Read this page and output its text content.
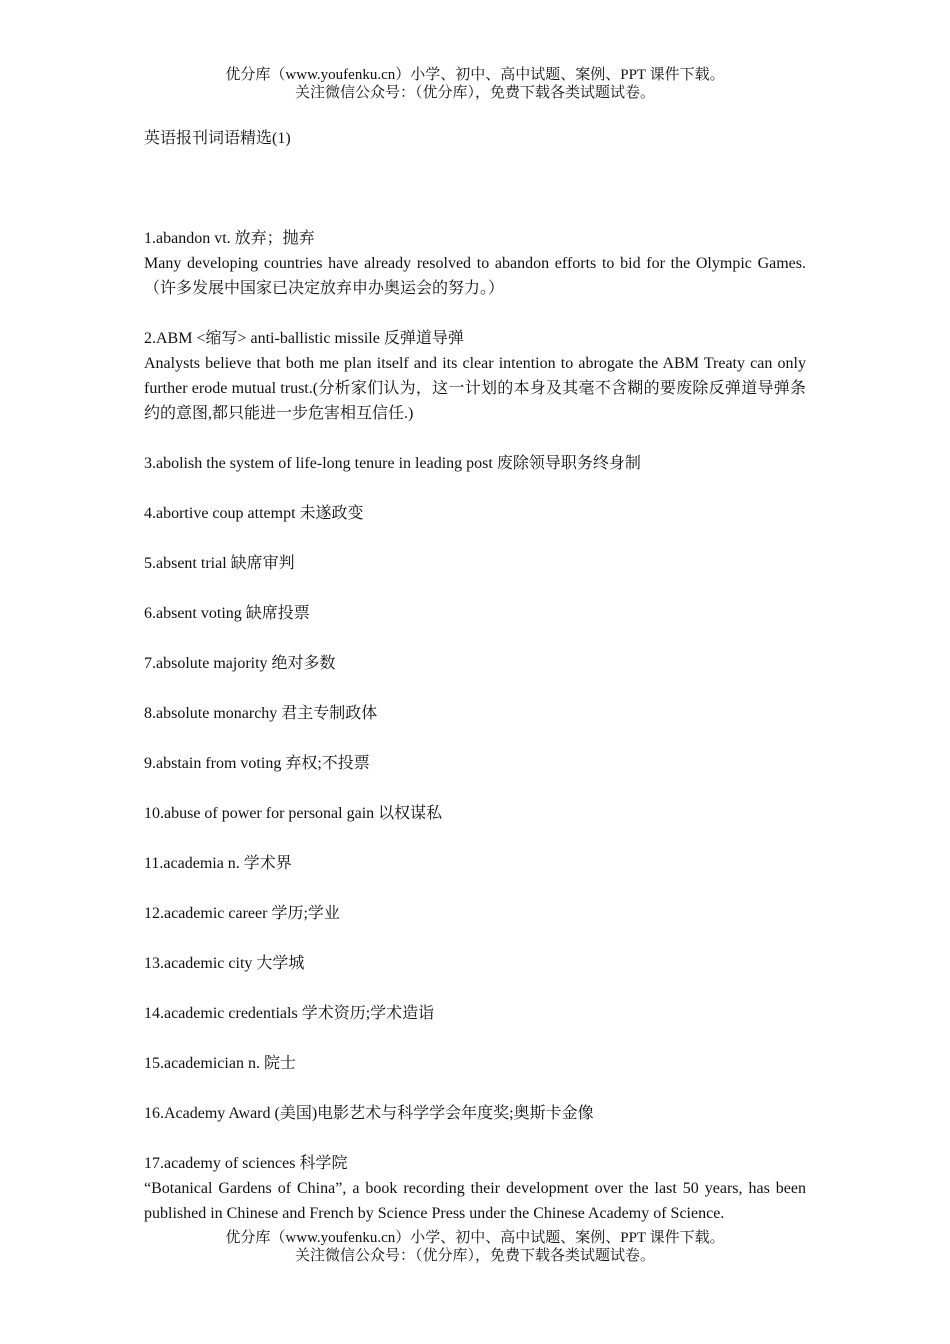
优分库（www.youfenku.cn）小学、初中、高中试题、案例、PPT 课件下载。
关注微信公众号：（优分库），免费下载各类试题试卷。
英语报刊词语精选(1)
1.abandon vt. 放弃；抛弃
Many developing countries have already resolved to abandon efforts to bid for the Olympic Games.（许多发展中国家已决定放弃申办奥运会的努力。）
2.ABM <缩写> anti-ballistic missile 反弹道导弹
Analysts believe that both me plan itself and its clear intention to abrogate the ABM Treaty can only further erode mutual trust.(分析家们认为，这一计划的本身及其毫不含糊的要废除反弹道导弹条约的意图,都只能进一步危害相互信任.)
3.abolish the system of life-long tenure in leading post 废除领导职务终身制
4.abortive coup attempt 未遂政变
5.absent trial 缺席审判
6.absent voting 缺席投票
7.absolute majority 绝对多数
8.absolute monarchy 君主专制政体
9.abstain from voting 弃权;不投票
10.abuse of power for personal gain 以权谋私
11.academia n. 学术界
12.academic career 学历;学业
13.academic city 大学城
14.academic credentials 学术资历;学术造诣
15.academician n. 院士
16.Academy Award (美国)电影艺术与科学学会年度奖;奥斯卡金像
17.academy of sciences 科学院
“Botanical Gardens of China”, a book recording their development over the last 50 years, has been published in Chinese and French by Science Press under the Chinese Academy of Science.
优分库（www.youfenku.cn）小学、初中、高中试题、案例、PPT 课件下载。
关注微信公众号：（优分库），免费下载各类试题试卷。
